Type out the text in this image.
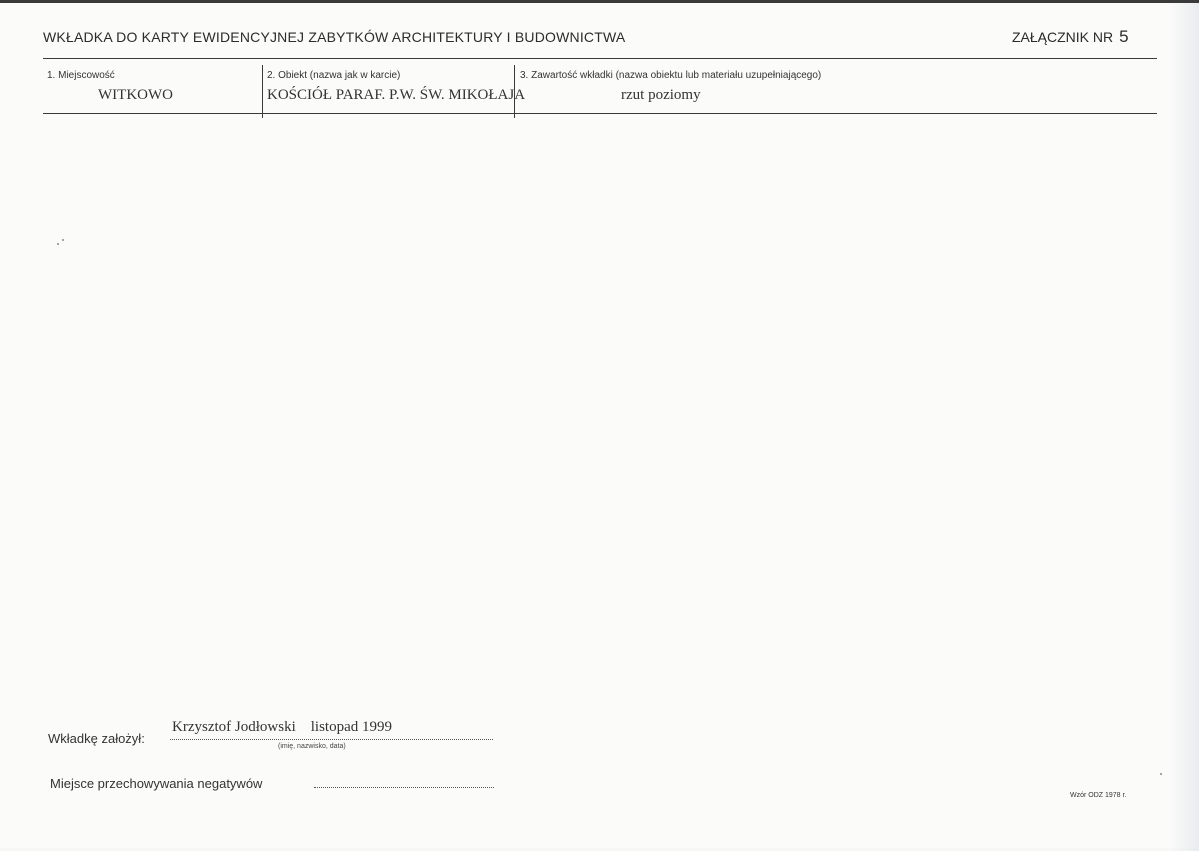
WKŁADKA DO KARTY EWIDENCYJNEJ ZABYTKÓW ARCHITEKTURY I BUDOWNICTWA	ZAŁĄCZNIK NR 5
1. Miejscowość
WITKOWO
2. Obiekt (nazwa jak w karcie)
KOŚCIÓŁ PARAF. P.W. ŚW. MIKOŁAJA
3. Zawartość wkładki (nazwa obiektu lub materiału uzupełniającego)
rzut poziomy
Wkładkę założył:
Krzysztof Jodłowski    listopad 1999
(imię, nazwisko, data)
Miejsce przechowywania negatywów
Wzór ODZ 1978 r.
